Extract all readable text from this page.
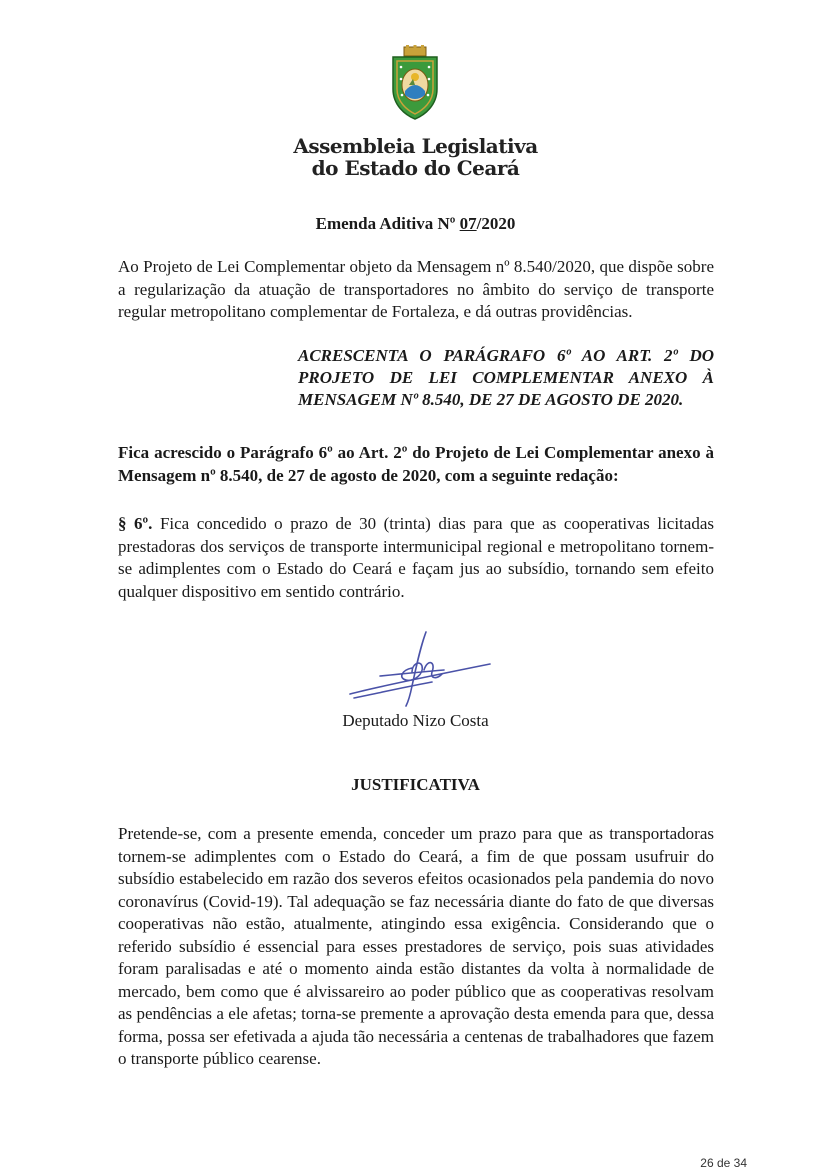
Assembleia Legislativa
do Estado do Ceará
Emenda Aditiva Nº 07/2020
Ao Projeto de Lei Complementar objeto da Mensagem nº 8.540/2020, que dispõe sobre a regularização da atuação de transportadores no âmbito do serviço de transporte regular metropolitano complementar de Fortaleza, e dá outras providências.
ACRESCENTA O PARÁGRAFO 6º AO ART. 2º DO PROJETO DE LEI COMPLEMENTAR ANEXO À MENSAGEM Nº 8.540, DE 27 DE AGOSTO DE 2020.
Fica acrescido o Parágrafo 6º ao Art. 2º do Projeto de Lei Complementar anexo à Mensagem nº 8.540, de 27 de agosto de 2020, com a seguinte redação:
§ 6º. Fica concedido o prazo de 30 (trinta) dias para que as cooperativas licitadas prestadoras dos serviços de transporte intermunicipal regional e metropolitano tornem-se adimplentes com o Estado do Ceará e façam jus ao subsídio, tornando sem efeito qualquer dispositivo em sentido contrário.
Deputado Nizo Costa
JUSTIFICATIVA
Pretende-se, com a presente emenda, conceder um prazo para que as transportadoras tornem-se adimplentes com o Estado do Ceará, a fim de que possam usufruir do subsídio estabelecido em razão dos severos efeitos ocasionados pela pandemia do novo coronavírus (Covid-19). Tal adequação se faz necessária diante do fato de que diversas cooperativas não estão, atualmente, atingindo essa exigência. Considerando que o referido subsídio é essencial para esses prestadores de serviço, pois suas atividades foram paralisadas e até o momento ainda estão distantes da volta à normalidade de mercado, bem como que é alvissareiro ao poder público que as cooperativas resolvam as pendências a ele afetas; torna-se premente a aprovação desta emenda para que, dessa forma, possa ser efetivada a ajuda tão necessária a centenas de trabalhadores que fazem o transporte público cearense.
26 de 34
